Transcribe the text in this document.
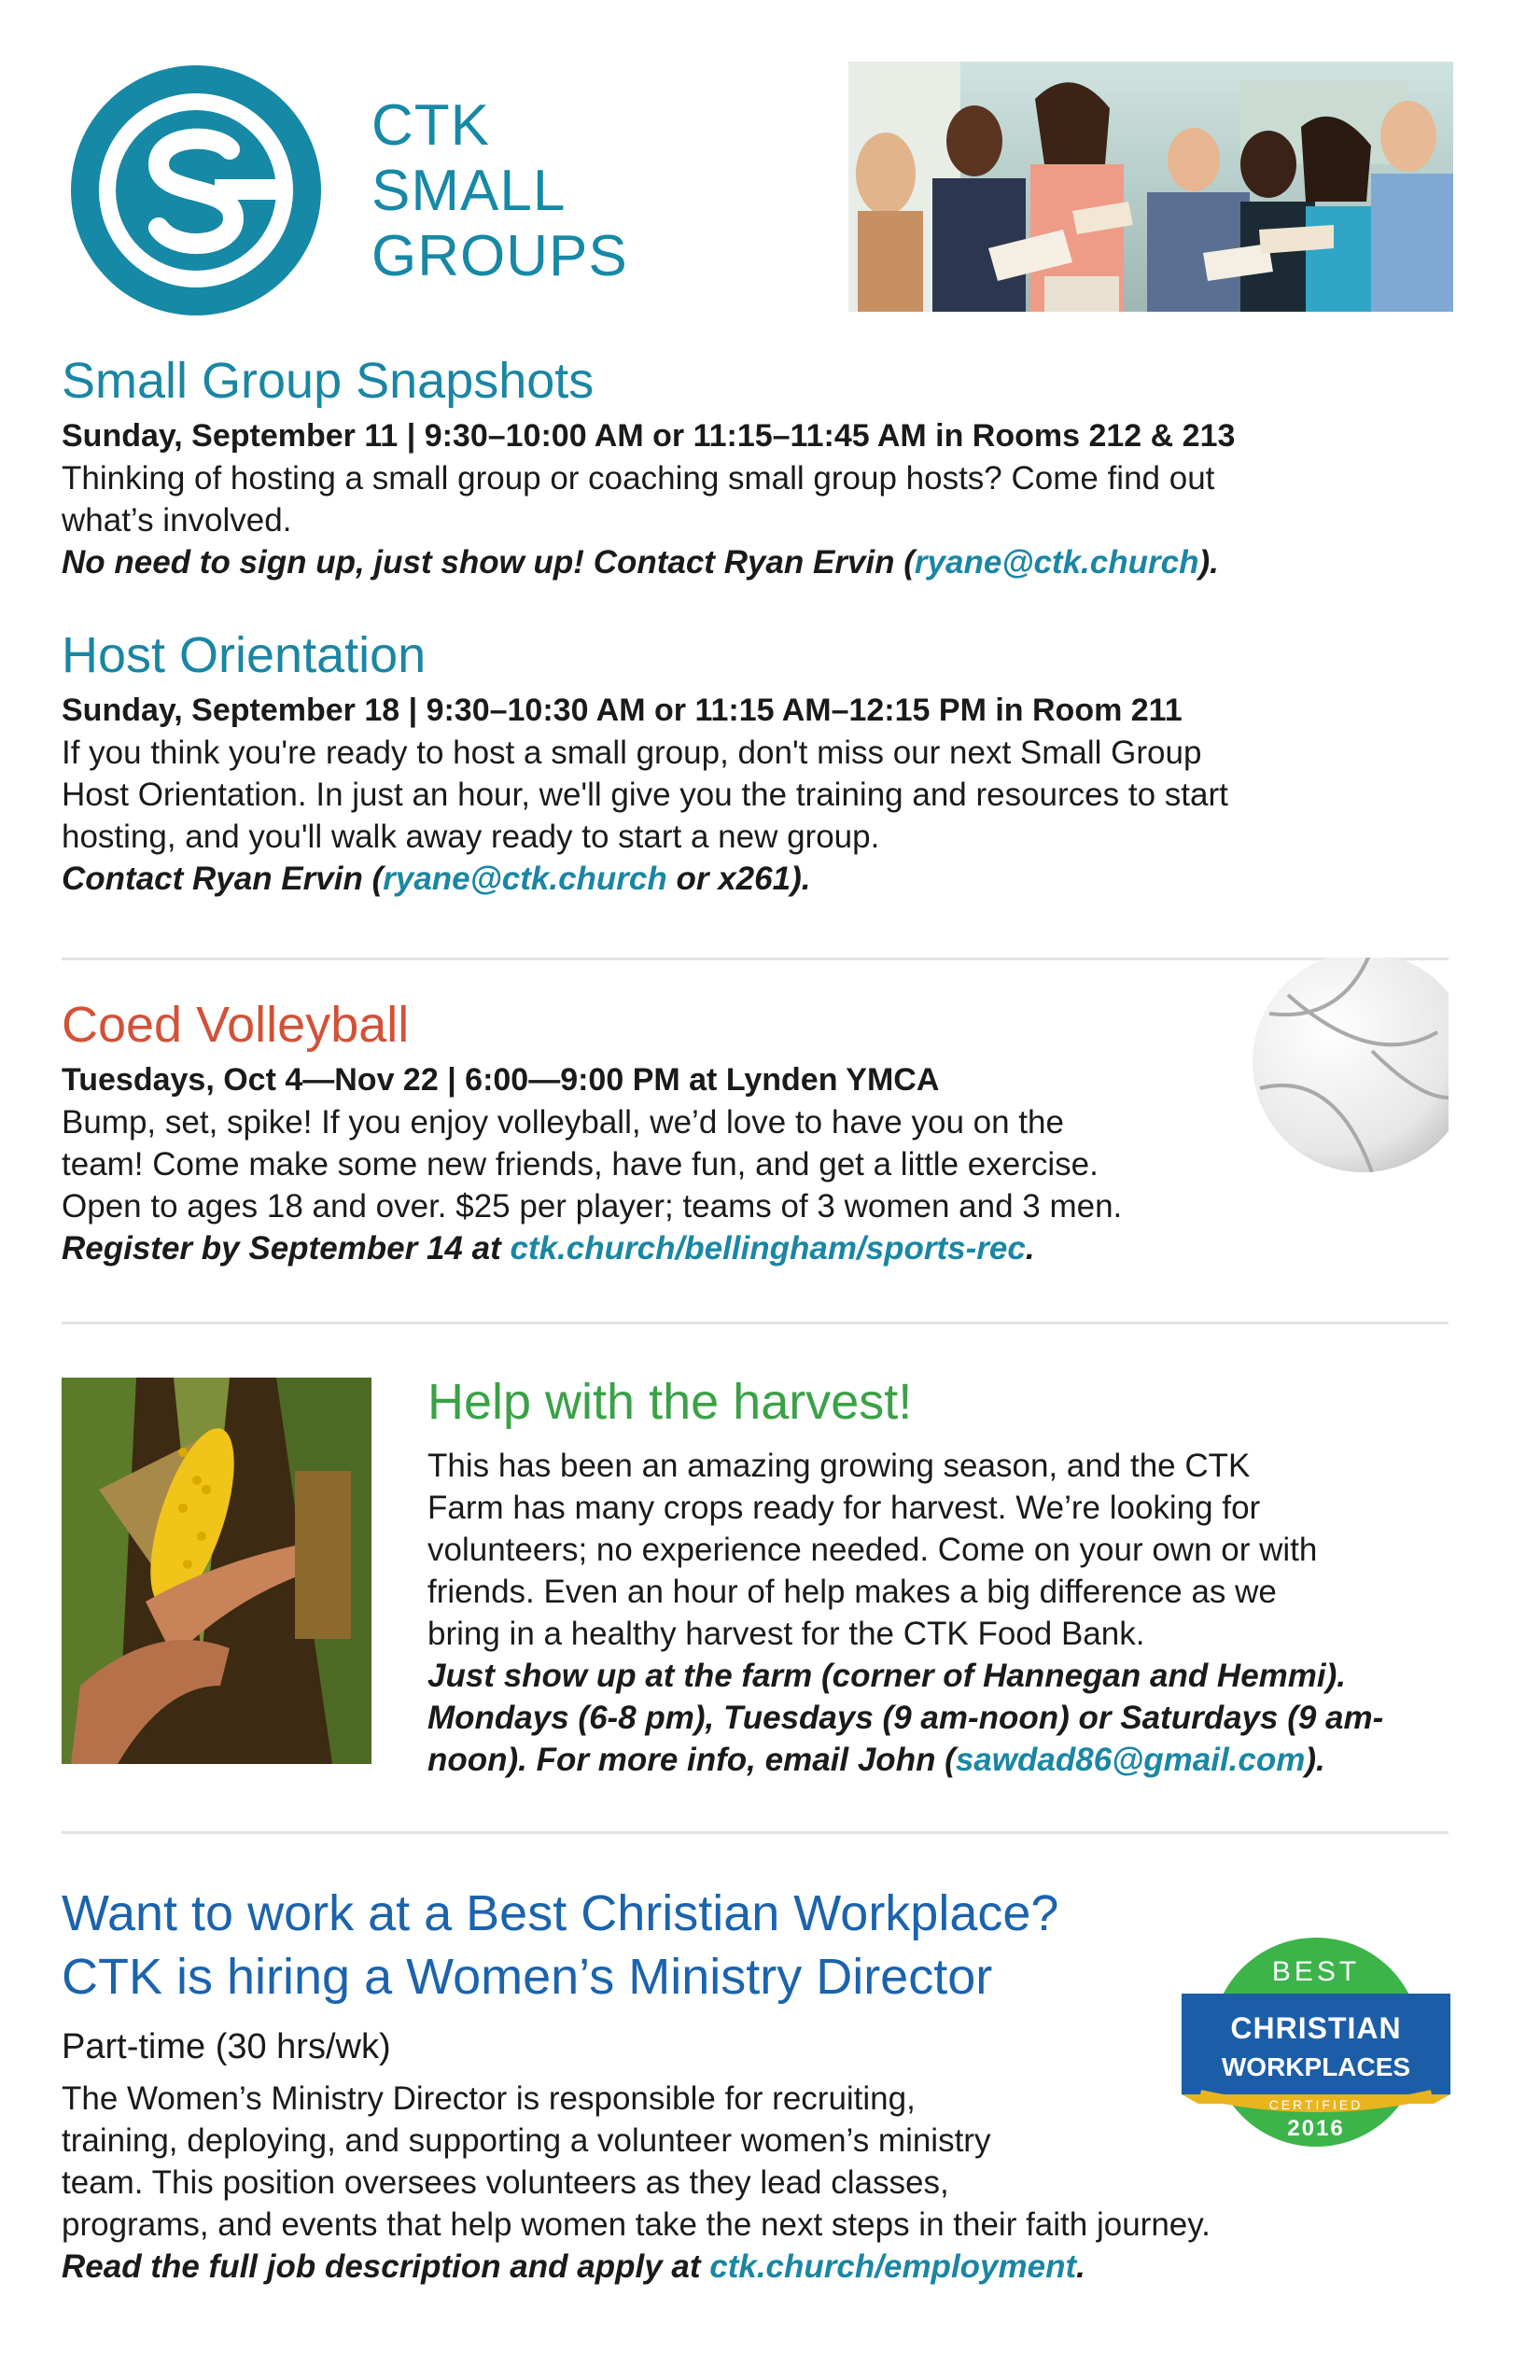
CTK
SMALL
GROUPS
Small Group Snapshots
Sunday, September 11 | 9:30–10:00 AM or 11:15–11:45 AM in Rooms 212 & 213
Thinking of hosting a small group or coaching small group hosts? Come find out
what’s involved.
No need to sign up, just show up! Contact Ryan Ervin (ryane@ctk.church).
Host Orientation
Sunday, September 18 | 9:30–10:30 AM or 11:15 AM–12:15 PM in Room 211
If you think you're ready to host a small group, don't miss our next Small Group
Host Orientation. In just an hour, we'll give you the training and resources to start
hosting, and you'll walk away ready to start a new group.
Contact Ryan Ervin (ryane@ctk.church or x261).
Coed Volleyball
Tuesdays, Oct 4—Nov 22 | 6:00—9:00 PM at Lynden YMCA
Bump, set, spike! If you enjoy volleyball, we’d love to have you on the
team! Come make some new friends, have fun, and get a little exercise.
Open to ages 18 and over. $25 per player; teams of 3 women and 3 men.
Register by September 14 at ctk.church/bellingham/sports-rec.
Help with the harvest!
This has been an amazing growing season, and the CTK
Farm has many crops ready for harvest. We’re looking for
volunteers; no experience needed. Come on your own or with
friends. Even an hour of help makes a big difference as we
bring in a healthy harvest for the CTK Food Bank.
Just show up at the farm (corner of Hannegan and Hemmi).
Mondays (6-8 pm), Tuesdays (9 am-noon) or Saturdays (9 am-
noon). For more info, email John (sawdad86@gmail.com).
Want to work at a Best Christian Workplace?
CTK is hiring a Women’s Ministry Director
Part-time (30 hrs/wk)
The Women’s Ministry Director is responsible for recruiting,
training, deploying, and supporting a volunteer women’s ministry
team. This position oversees volunteers as they lead classes,
programs, and events that help women take the next steps in their faith journey.
Read the full job description and apply at ctk.church/employment.
BEST
CHRISTIAN
WORKPLACES
CERTIFIED
2016
